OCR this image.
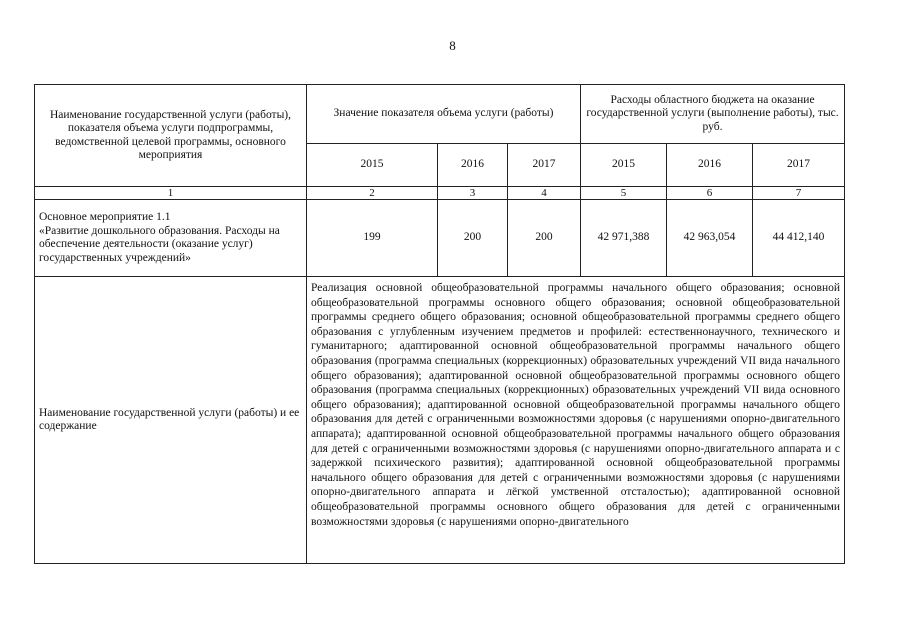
8
Наименование государственной услуги (работы), показателя объема услуги подпрограммы, ведомственной целевой программы, основного мероприятия	Значение показателя объема услуги (работы)			Расходы областного бюджета на оказание государственной услуги (выполнение работы), тыс. руб.		
	2015	2016	2017	2015	2016	2017
1	2	3	4	5	6	7

Основное мероприятие 1.1
«Развитие дошкольного образования. Расходы на обеспечение деятельности (оказание услуг) государственных учреждений»	199	200	200	42 971,388	42 963,054	44 412,140
Наименование государственной услуги (работы) и ее содержание	Реализация основной общеобразовательной программы начального общего образования; основной общеобразовательной программы основного общего образования; основной общеобразовательной программы среднего общего образования; основной общеобразовательной программы среднего общего образования с углубленным изучением предметов и профилей: естественнонаучного, технического и гуманитарного; адаптированной основной общеобразовательной программы начального общего образования (программа специальных (коррекционных) образовательных учреждений VII вида начального общего образования); адаптированной основной общеобразовательной программы основного общего образования (программа специальных (коррекционных) образовательных учреждений VII вида основного общего образования); адаптированной основной общеобразовательной программы начального общего образования для детей с ограниченными возможностями здоровья (с нарушениями опорно-двигательного аппарата); адаптированной основной общеобразовательной программы начального общего образования для детей с ограниченными возможностями здоровья (с нарушениями опорно-двигательного аппарата и с задержкой психического развития); адаптированной основной общеобразовательной программы начального общего образования для детей с ограниченными возможностями здоровья (с нарушениями опорно-двигательного аппарата и лёгкой умственной отсталостью); адаптированной основной общеобразовательной программы основного общего образования для детей с ограниченными возможностями здоровья (с нарушениями опорно-двигательного					
